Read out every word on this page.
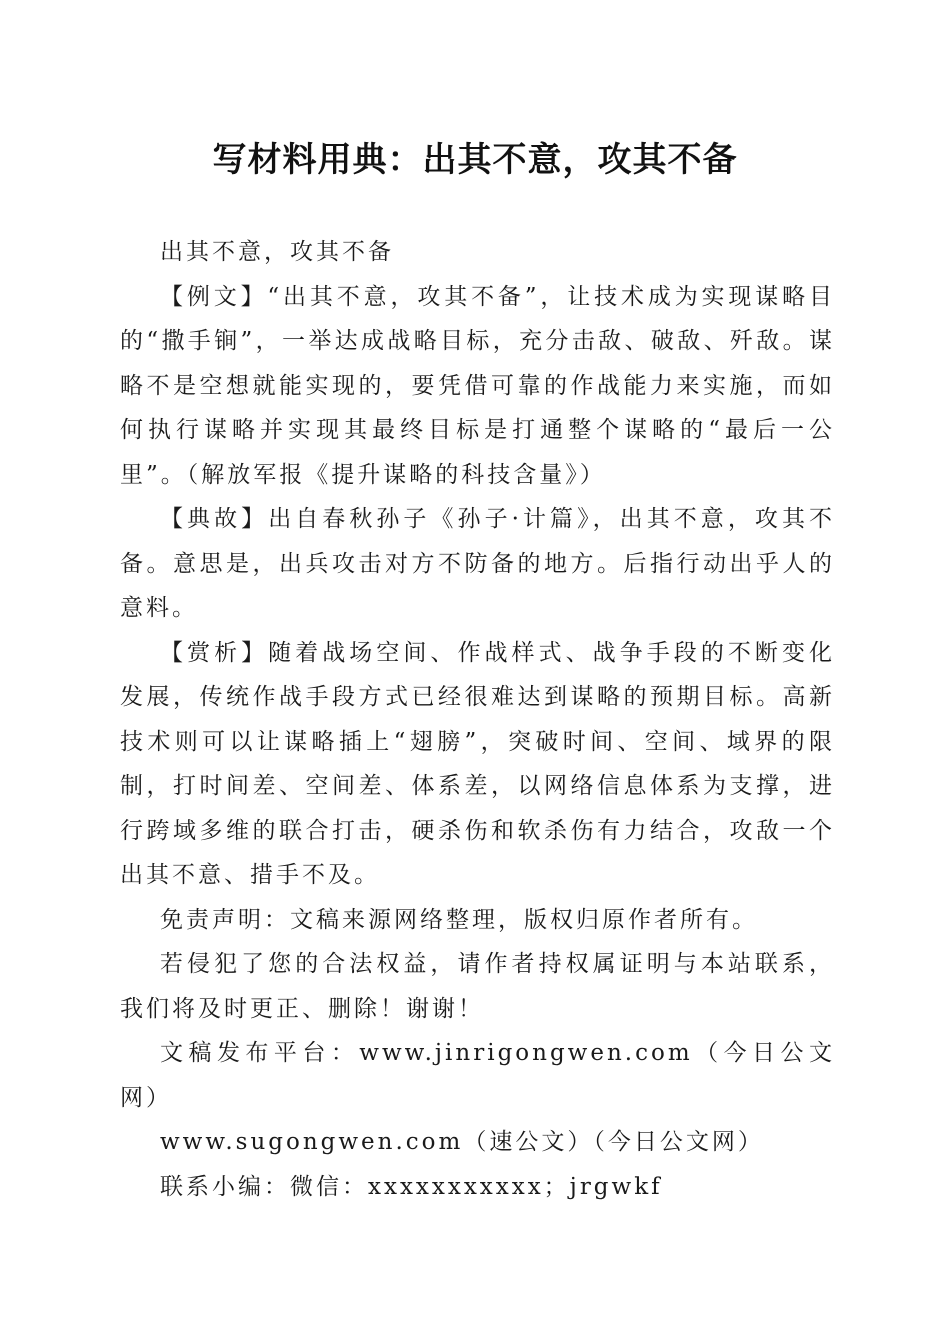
写材料用典：出其不意，攻其不备

出其不意，攻其不备

【例文】“出其不意，攻其不备”，让技术成为实现谋略目的“撒手锏”，一举达成战略目标，充分击敌、破敌、歼敌。谋略不是空想就能实现的，要凭借可靠的作战能力来实施，而如何执行谋略并实现其最终目标是打通整个谋略的“最后一公里”。（解放军报《提升谋略的科技含量》）

【典故】出自春秋孙子《孙子·计篇》，出其不意，攻其不备。意思是，出兵攻击对方不防备的地方。后指行动出乎人的意料。

【赏析】随着战场空间、作战样式、战争手段的不断变化发展，传统作战手段方式已经很难达到谋略的预期目标。高新技术则可以让谋略插上“翅膀”，突破时间、空间、域界的限制，打时间差、空间差、体系差，以网络信息体系为支撑，进行跨域多维的联合打击，硬杀伤和软杀伤有力结合，攻敌一个出其不意、措手不及。

免责声明：文稿来源网络整理，版权归原作者所有。

若侵犯了您的合法权益，请作者持权属证明与本站联系，我们将及时更正、删除！谢谢！

文稿发布平台：www.jinrigongwen.com（今日公文网）

www.sugongwen.com（速公文）（今日公文网）

联系小编：微信：xxxxxxxxxxx；jrgwkf
